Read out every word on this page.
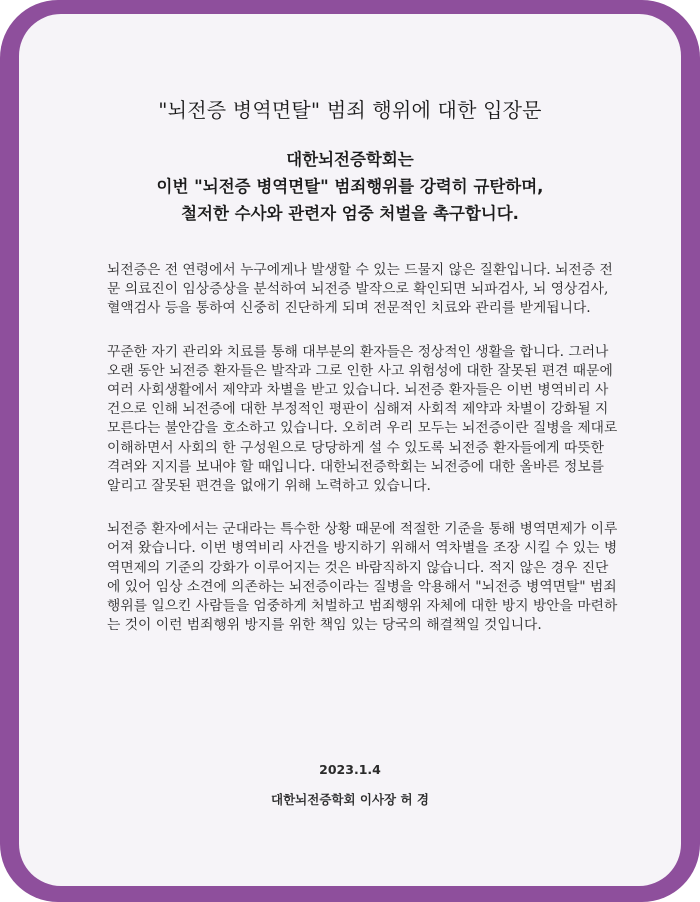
"뇌전증 병역면탈" 범죄 행위에 대한 입장문
대한뇌전증학회는
이번 "뇌전증 병역면탈" 범죄행위를 강력히 규탄하며,
철저한 수사와 관련자 엄중 처벌을 촉구합니다.

뇌전증은 전 연령에서 누구에게나 발생할 수 있는 드물지 않은 질환입니다. 뇌전증 전문 의료진이 임상증상을 분석하여 뇌전증 발작으로 확인되면 뇌파검사, 뇌 영상검사, 혈액검사 등을 통하여 신중히 진단하게 되며 전문적인 치료와 관리를 받게됩니다.

꾸준한 자기 관리와 치료를 통해 대부분의 환자들은 정상적인 생활을 합니다. 그러나 오랜 동안 뇌전증 환자들은 발작과 그로 인한 사고 위험성에 대한 잘못된 편견 때문에 여러 사회생활에서 제약과 차별을 받고 있습니다. 뇌전증 환자들은 이번 병역비리 사건으로 인해 뇌전증에 대한 부정적인 평판이 심해져 사회적 제약과 차별이 강화될 지 모른다는 불안감을 호소하고 있습니다. 오히려 우리 모두는 뇌전증이란 질병을 제대로 이해하면서 사회의 한 구성원으로 당당하게 설 수 있도록 뇌전증 환자들에게 따뜻한 격려와 지지를 보내야 할 때입니다. 대한뇌전증학회는 뇌전증에 대한 올바른 정보를 알리고 잘못된 편견을 없애기 위해 노력하고 있습니다.

뇌전증 환자에서는 군대라는 특수한 상황 때문에 적절한 기준을 통해 병역면제가 이루어져 왔습니다. 이번 병역비리 사건을 방지하기 위해서 역차별을 조장 시킬 수 있는 병역면제의 기준의 강화가 이루어지는 것은 바람직하지 않습니다. 적지 않은 경우 진단에 있어 임상 소견에 의존하는 뇌전증이라는 질병을 악용해서 "뇌전증 병역면탈" 범죄행위를 일으킨 사람들을 엄중하게 처벌하고 범죄행위 자체에 대한 방지 방안을 마련하는 것이 이런 범죄행위 방지를 위한 책임 있는 당국의 해결책일 것입니다.

2023.1.4
대한뇌전증학회 이사장 허 경
